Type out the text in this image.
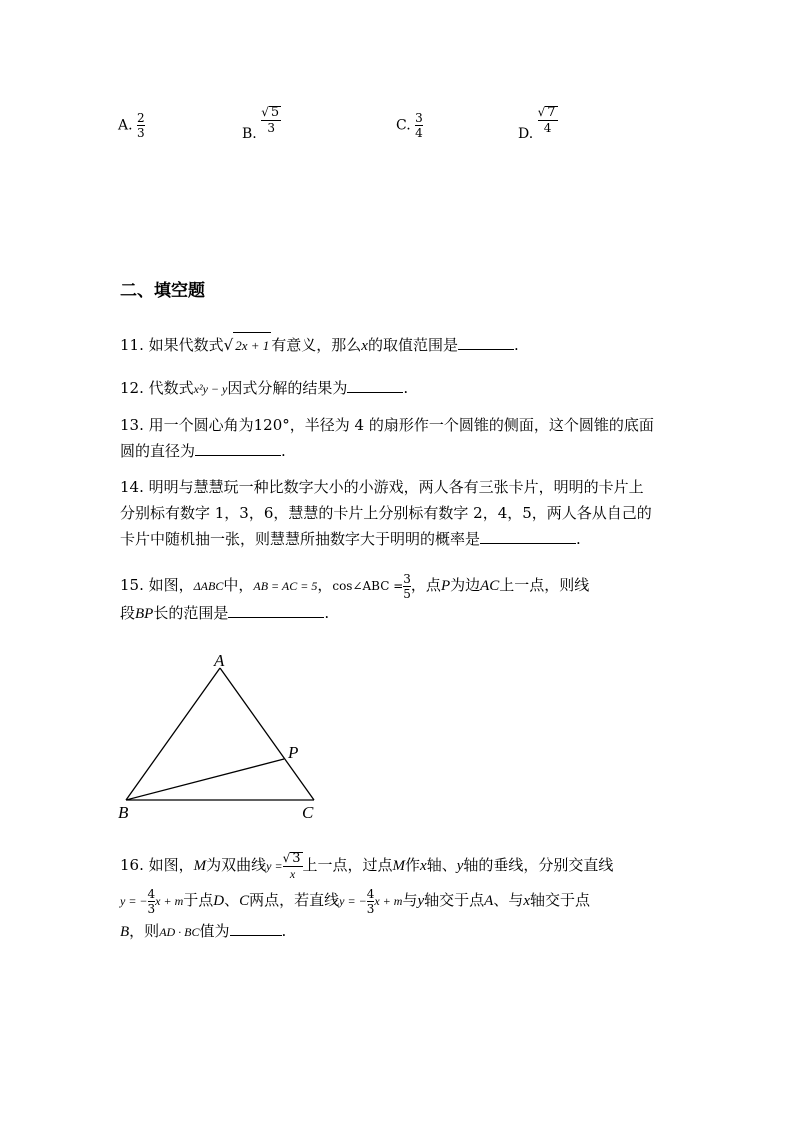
A. $\frac{2}{3}$	B. $\frac{√ 5}{3}$	C. $\frac{3}{4}$	D. $\frac{√ 7}{4}$
二、填空题
11. 如果代数式√ 2x + 1 有意义，那么x的取值范围是	.
12. 代数式x²y − y因式分解的结果为	.
13. 用一个圆心角为120°，半径为 4 的扇形作一个圆锥的侧面，这个圆锥的底面
圆的直径为	.
14. 明明与慧慧玩一种比数字大小的小游戏，两人各有三张卡片，明明的卡片上
分别标有数字 1，3，6，慧慧的卡片上分别标有数字 2，4，5，两人各从自己的
卡片中随机抽一张，则慧慧所抽数字大于明明的概率是	.
15. 如图，ΔABC中，AB = AC = 5，cos∠ABC = $\frac{3}{5}$ ，点P为边AC上一点，则线
段BP长的范围是	.
A
B	C
P
16. 如图，M为双曲线$y = \frac{√ 3}{x}$ 上一点，过点M作x轴、y轴的垂线，分别交直线
y = − $\frac{4}{3}$ x + m于点D、C两点，若直线y = − $\frac{4}{3}$ x + m与y轴交于点A、与x轴交于点
B，则AD · BC值为	.
